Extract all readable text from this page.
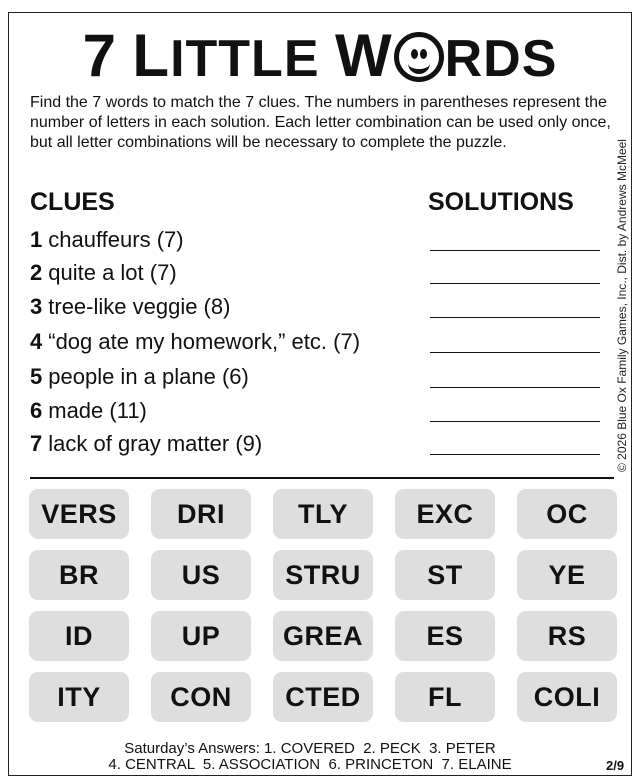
7 LITTLE W RDS
Find the 7 words to match the 7 clues. The numbers in parentheses represent the number of letters in each solution. Each letter combination can be used only once, but all letter combinations will be necessary to complete the puzzle.	© 2026 Blue Ox Family Games, Inc., Dist. by Andrews McMeel
CLUES	SOLUTIONS
1 chauffeurs (7)
2 quite a lot (7)
3 tree-like veggie (8)
4 “dog ate my homework,” etc. (7)
5 people in a plane (6)
6 made (11)
7 lack of gray matter (9)
VERS	DRI	TLY	EXC	OC
BR	US	STRU	ST	YE
ID	UP	GREA	ES	RS
ITY	CON	CTED	FL	COLI
Saturday’s Answers: 1. COVERED  2. PECK  3. PETER
4. CENTRAL  5. ASSOCIATION  6. PRINCETON  7. ELAINE	2/9
